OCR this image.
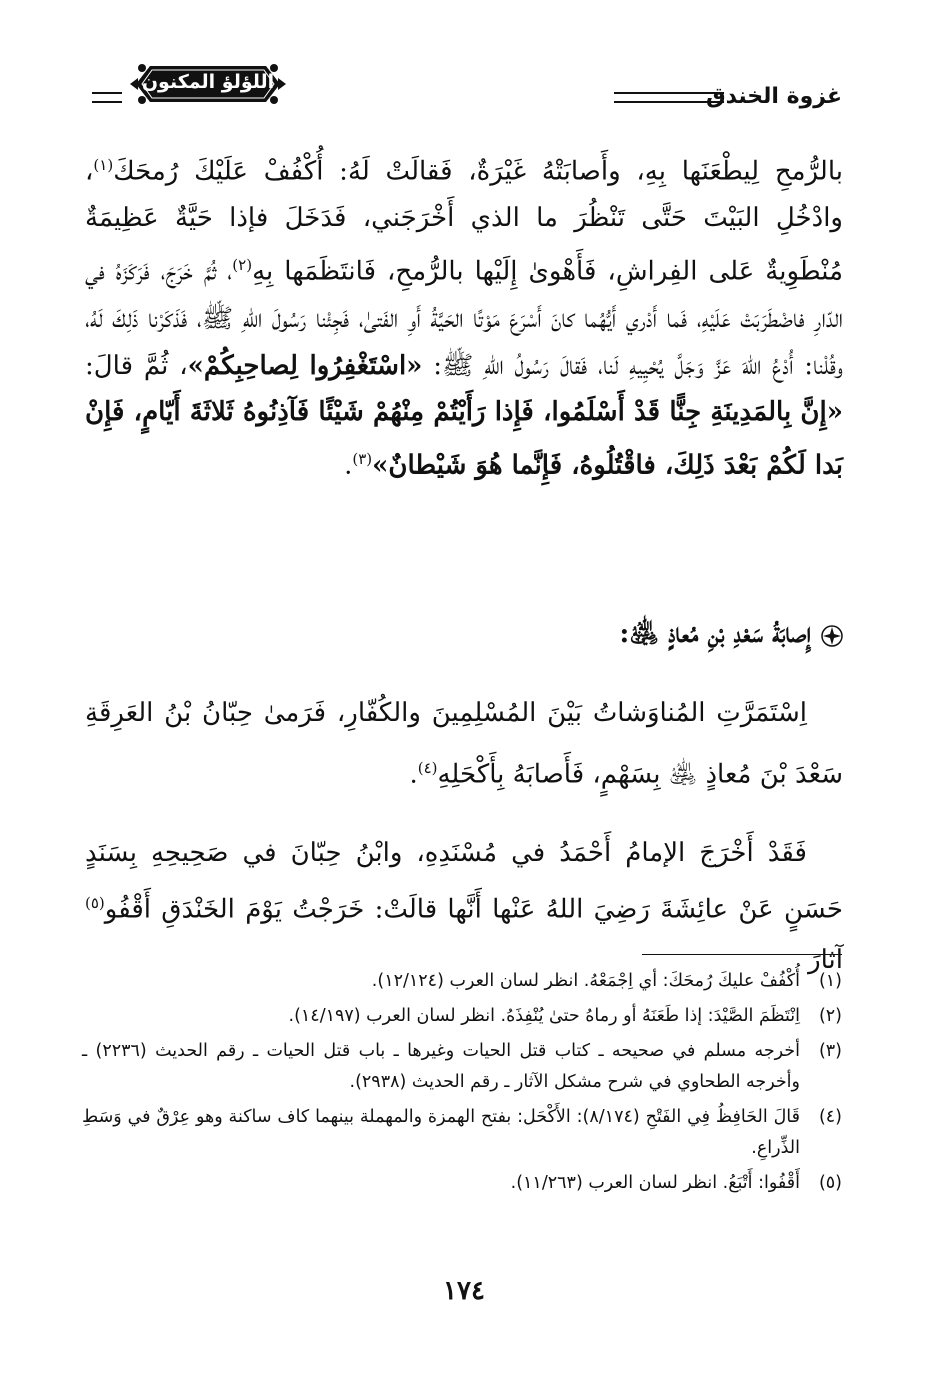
غزوة الخندق
اللؤلؤ المكنون

بالرُّمحِ لِيطْعَنَها بِهِ، وأَصابَتْهُ غَيْرَةٌ، فَقالَتْ لَهُ: أُكْفُفْ عَلَيْكَ رُمحَكَ$^{(١)}$، وادْخُلِ البَيْتَ حَتَّى تَنْظُرَ ما الذي أَخْرَجَني، فَدَخَلَ فإذا حَيَّةٌ عَظِيمَةٌ مُنْطَوِيةٌ عَلى الفِراشِ، فَأَهْوىٰ إِلَيْها بالرُّمحِ، فَانتَظَمَها بِهِ$^{(٢)}$، ثُمَّ خَرَجَ، فَرَكَزَهُ في الدّارِ فاضْطَرَبَتْ عَلَيْهِ، فَما أَدْري أَيُّهُما كانَ أَسْرَعَ مَوْتًا الحَيَّةُ أَوِ الفَتىٰ، فَجِئْنا رَسُولَ اللهِ ﷺ، فَذَكَرْنا ذَلِكَ لَهُ، وقُلْنا: أُدْعُ اللهَ عَزَّ وَجَلَّ يُحْيِيهِ لَنا، فَقالَ رَسُولُ اللهِ ﷺ: «اسْتَغْفِرُوا لِصاحِبِكُمْ»، ثُمَّ قالَ: «إِنَّ بِالمَدِينَةِ جِنًّا قَدْ أَسْلَمُوا، فَإِذا رَأَيْتُمْ مِنْهُمْ شَيْئًا فَآذِنُوهُ ثَلاثَةَ أَيّامٍ، فَإِنْ بَدا لَكُمْ بَعْدَ ذَلِكَ، فاقْتُلُوهُ، فَإِنَّما هُوَ شَيْطانٌ»$^{(٣)}$.

إِصابَةُ سَعْدِ بْنِ مُعاذٍ ﵁:

اِسْتَمَرَّتِ المُناوَشاتُ بَيْنَ المُسْلِمِينَ والكُفّارِ، فَرَمىٰ حِبّانُ بْنُ العَرِقَةِ سَعْدَ بْنَ مُعاذٍ ﵁ بِسَهْمٍ، فَأَصابَهُ بِأَكْحَلِهِ$^{(٤)}$.

فَقَدْ أَخْرَجَ الإمامُ أَحْمَدُ في مُسْنَدِهِ، وابْنُ حِبّانَ في صَحِيحِهِ بِسَنَدٍ حَسَنٍ عَنْ عائِشَةَ رَضِيَ اللهُ عَنْها أَنَّها قالَتْ: خَرَجْتُ يَوْمَ الخَنْدَقِ أَقْفُو$^{(٥)}$ آثارَ

(١)
أُكْفُفْ عليكَ رُمحَكَ: أي اِجْمَعْهُ. انظر لسان العرب (١٢/١٢٤).
(٢)
اِنْتَظَمَ الصَّيْدَ: إذا طَعَنَهُ أو رماهُ حتىٰ يُنْفِذَهُ. انظر لسان العرب (١٤/١٩٧).
(٣)
أخرجه مسلم في صحيحه ـ كتاب قتل الحيات وغيرها ـ باب قتل الحيات ـ رقم الحديث (٢٢٣٦) ـ وأخرجه الطحاوي في شرح مشكل الآثار ـ رقم الحديث (٢٩٣٨).
(٤)
قَالَ الحَافِظُ فِي الفَتْحِ (٨/١٧٤): الأَكْحَل: بفتح الهمزة والمهملة بينهما كاف ساكنة وهو عِرْقٌ في وَسَطِ الذِّراعِ.
(٥)
أَقْفُوا: أَتْبَعُ. انظر لسان العرب (١١/٢٦٣).
١٧٤
